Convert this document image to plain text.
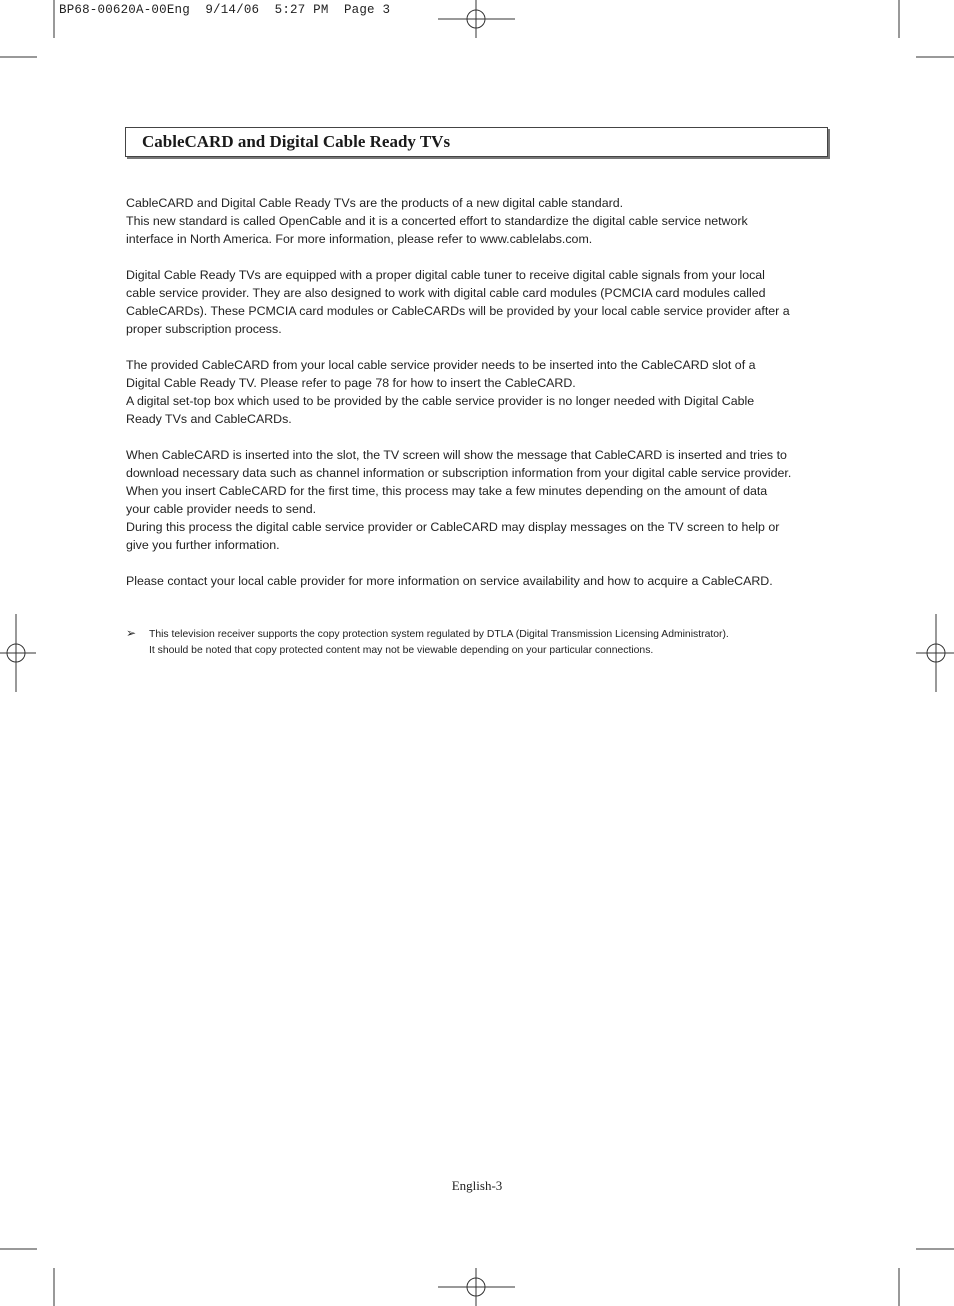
BP68-00620A-00Eng  9/14/06  5:27 PM  Page 3
CableCARD and Digital Cable Ready TVs

CableCARD and Digital Cable Ready TVs are the products of a new digital cable standard.
This new standard is called OpenCable and it is a concerted effort to standardize the digital cable service network
interface in North America. For more information, please refer to www.cablelabs.com.

Digital Cable Ready TVs are equipped with a proper digital cable tuner to receive digital cable signals from your local
cable service provider. They are also designed to work with digital cable card modules (PCMCIA card modules called
CableCARDs). These PCMCIA card modules or CableCARDs will be provided by your local cable service provider after a
proper subscription process.

The provided CableCARD from your local cable service provider needs to be inserted into the CableCARD slot of a
Digital Cable Ready TV. Please refer to page 78 for how to insert the CableCARD.
A digital set-top box which used to be provided by the cable service provider is no longer needed with Digital Cable
Ready TVs and CableCARDs.

When CableCARD is inserted into the slot, the TV screen will show the message that CableCARD is inserted and tries to
download necessary data such as channel information or subscription information from your digital cable service provider.
When you insert CableCARD for the first time, this process may take a few minutes depending on the amount of data
your cable provider needs to send.
During this process the digital cable service provider or CableCARD may display messages on the TV screen to help or
give you further information.

Please contact your local cable provider for more information on service availability and how to acquire a CableCARD.

➢ This television receiver supports the copy protection system regulated by DTLA (Digital Transmission Licensing Administrator).
It should be noted that copy protected content may not be viewable depending on your particular connections.
English-3
